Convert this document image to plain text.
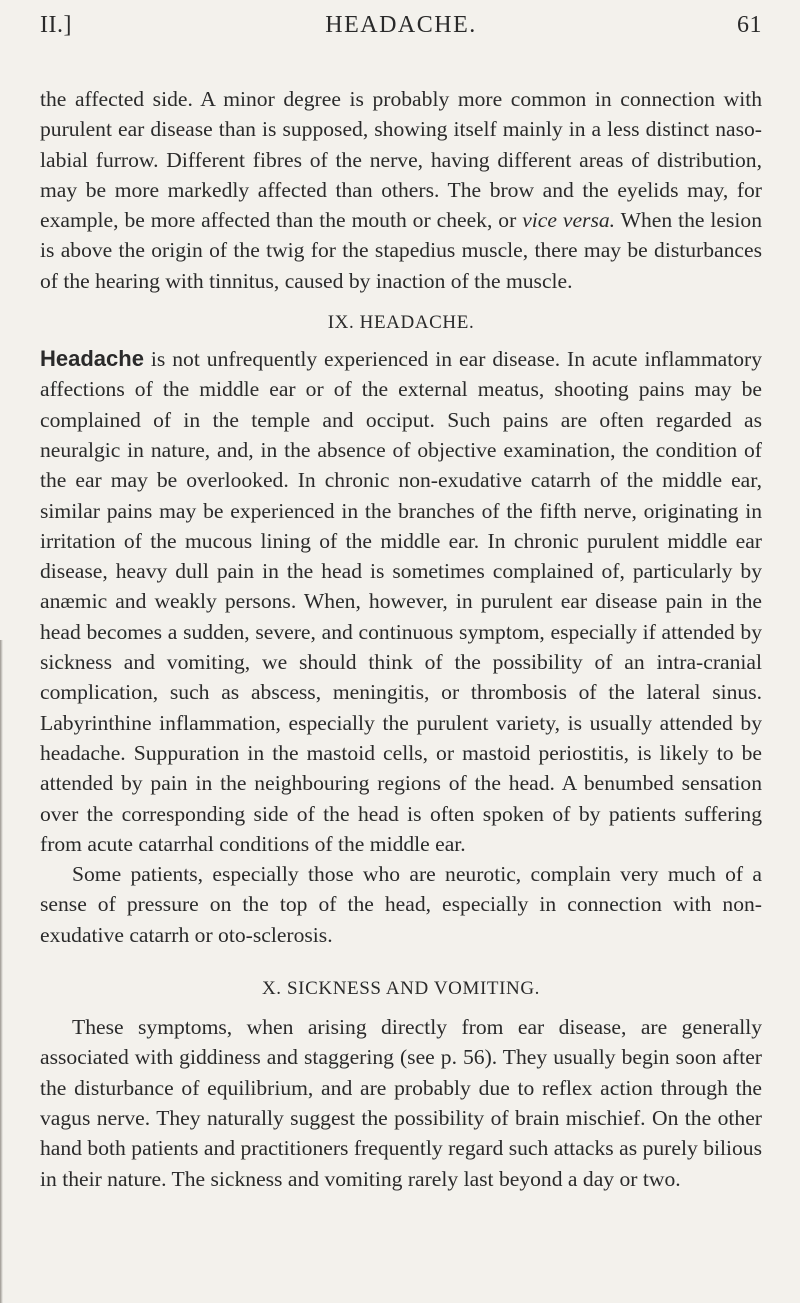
II.]	HEADACHE.	61

the affected side. A minor degree is probably more common in connection with purulent ear disease than is supposed, showing itself mainly in a less distinct naso-labial furrow. Different fibres of the nerve, having different areas of distribution, may be more markedly affected than others. The brow and the eyelids may, for example, be more affected than the mouth or cheek, or vice versa. When the lesion is above the origin of the twig for the stapedius muscle, there may be disturbances of the hearing with tinnitus, caused by inaction of the muscle.

IX. HEADACHE.

Headache is not unfrequently experienced in ear disease. In acute inflammatory affections of the middle ear or of the external meatus, shooting pains may be complained of in the temple and occiput. Such pains are often regarded as neuralgic in nature, and, in the absence of objective examination, the condition of the ear may be overlooked. In chronic non-exudative catarrh of the middle ear, similar pains may be experienced in the branches of the fifth nerve, originating in irritation of the mucous lining of the middle ear. In chronic purulent middle ear disease, heavy dull pain in the head is sometimes complained of, particularly by anæmic and weakly persons. When, however, in purulent ear disease pain in the head becomes a sudden, severe, and continuous symptom, especially if attended by sickness and vomiting, we should think of the possibility of an intra-cranial complication, such as abscess, meningitis, or thrombosis of the lateral sinus. Labyrinthine inflammation, especially the purulent variety, is usually attended by headache. Suppuration in the mastoid cells, or mastoid periostitis, is likely to be attended by pain in the neighbouring regions of the head. A benumbed sensation over the corresponding side of the head is often spoken of by patients suffering from acute catarrhal conditions of the middle ear.

Some patients, especially those who are neurotic, complain very much of a sense of pressure on the top of the head, especially in connection with non-exudative catarrh or oto-sclerosis.

X. SICKNESS AND VOMITING.

These symptoms, when arising directly from ear disease, are generally associated with giddiness and staggering (see p. 56). They usually begin soon after the disturbance of equilibrium, and are probably due to reflex action through the vagus nerve. They naturally suggest the possibility of brain mischief. On the other hand both patients and practitioners frequently regard such attacks as purely bilious in their nature. The sickness and vomiting rarely last beyond a day or two.
